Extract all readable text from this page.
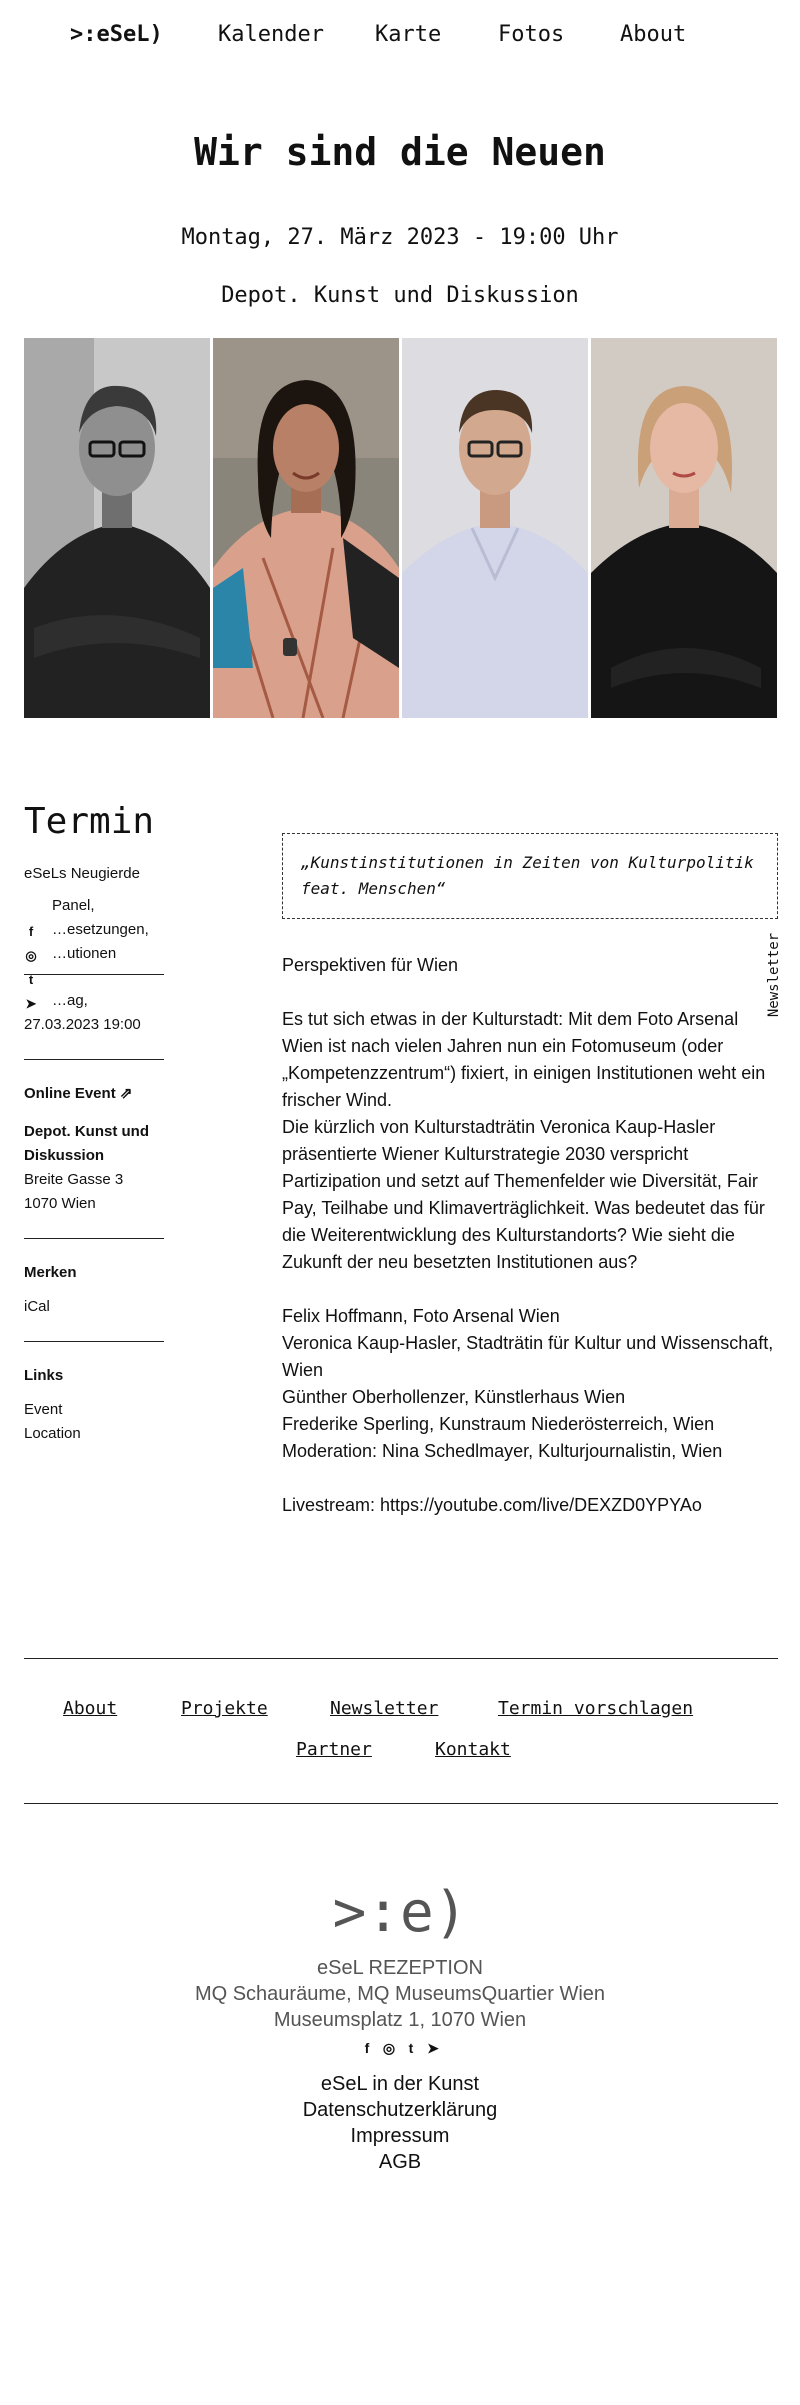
>:eSeL)	Kalender Karte	Fotos	About
Wir sind die Neuen
Montag, 27. März 2023 - 19:00 Uhr
Depot. Kunst und Diskussion
Termin
eSeLs Neugierde
Panel,
…esetzungen,
…utionen
…ag,
27.03.2023 19:00
Online Event ⇗
Depot. Kunst und Diskussion
Breite Gasse 3
1070 Wien
Merken
iCal
Links
Event
Location
f
◎
t
➤
„Kunstinstitutionen in Zeiten von Kulturpolitik feat. Menschen“

Perspektiven für Wien

Es tut sich etwas in der Kulturstadt: Mit dem Foto Arsenal Wien ist nach vielen Jahren nun ein Fotomuseum (oder „Kompetenzzentrum“) fixiert, in einigen Institutionen weht ein frischer Wind.
Die kürzlich von Kulturstadträtin Veronica Kaup-Hasler präsentierte Wiener Kulturstrategie 2030 verspricht Partizipation und setzt auf Themenfelder wie Diversität, Fair Pay, Teilhabe und Klimaverträglichkeit. Was bedeutet das für die Weiterentwicklung des Kulturstandorts? Wie sieht die Zukunft der neu besetzten Institutionen aus?

Felix Hoffmann, Foto Arsenal Wien
Veronica Kaup-Hasler, Stadträtin für Kultur und Wissenschaft, Wien
Günther Oberhollenzer, Künstlerhaus Wien
Frederike Sperling, Kunstraum Niederösterreich, Wien
Moderation: Nina Schedlmayer, Kulturjournalistin, Wien
Livestream: https://youtube.com/live/DEXZD0YPYAo
Newsletter
About	Projekte	Newsletter	Termin vorschlagen
Partner	Kontakt
>:e)
eSeL REZEPTION
MQ Schauräume, MQ MuseumsQuartier Wien
Museumsplatz 1, 1070 Wien
f ◎ t ➤
eSeL in der Kunst
Datenschutzerklärung
Impressum
AGB
